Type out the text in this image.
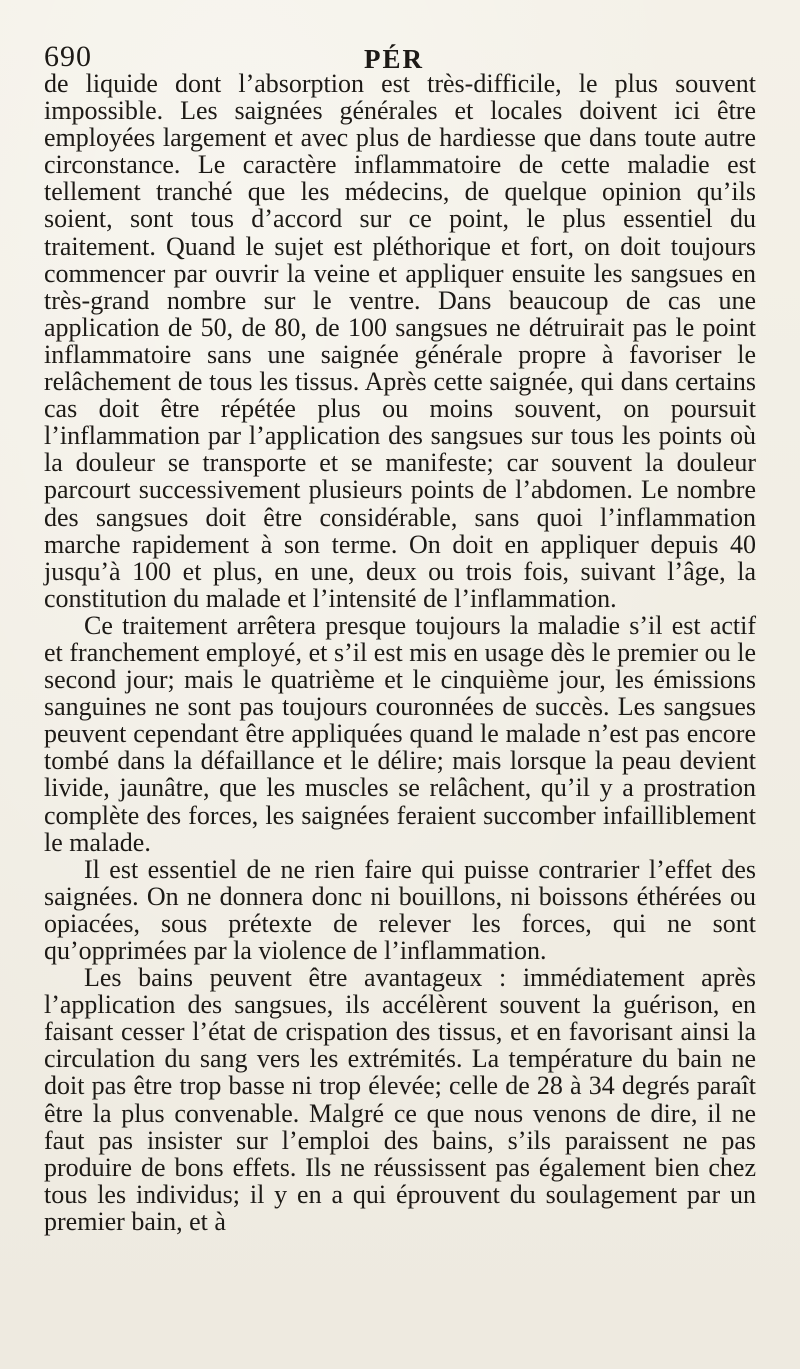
690	PÉR

de liquide dont l’absorption est très-difficile, le plus souvent impossible. Les saignées générales et locales doivent ici être employées largement et avec plus de hardiesse que dans toute autre circonstance. Le caractère inflammatoire de cette maladie est tellement tranché que les médecins, de quelque opinion qu’ils soient, sont tous d’accord sur ce point, le plus essentiel du traitement. Quand le sujet est pléthorique et fort, on doit toujours commencer par ouvrir la veine et appliquer ensuite les sangsues en très-grand nombre sur le ventre. Dans beaucoup de cas une application de 50, de 80, de 100 sangsues ne détruirait pas le point inflammatoire sans une saignée générale propre à favoriser le relâchement de tous les tissus. Après cette saignée, qui dans certains cas doit être répétée plus ou moins souvent, on poursuit l’inflammation par l’application des sangsues sur tous les points où la douleur se transporte et se manifeste; car souvent la douleur parcourt successivement plusieurs points de l’abdomen. Le nombre des sangsues doit être considérable, sans quoi l’inflammation marche rapidement à son terme. On doit en appliquer depuis 40 jusqu’à 100 et plus, en une, deux ou trois fois, suivant l’âge, la constitution du malade et l’intensité de l’inflammation.

Ce traitement arrêtera presque toujours la maladie s’il est actif et franchement employé, et s’il est mis en usage dès le premier ou le second jour; mais le quatrième et le cinquième jour, les émissions sanguines ne sont pas toujours couronnées de succès. Les sangsues peuvent cependant être appliquées quand le malade n’est pas encore tombé dans la défaillance et le délire; mais lorsque la peau devient livide, jaunâtre, que les muscles se relâchent, qu’il y a prostration complète des forces, les saignées feraient succomber infailliblement le malade.

Il est essentiel de ne rien faire qui puisse contrarier l’effet des saignées. On ne donnera donc ni bouillons, ni boissons éthérées ou opiacées, sous prétexte de relever les forces, qui ne sont qu’opprimées par la violence de l’inflammation.

Les bains peuvent être avantageux : immédiatement après l’application des sangsues, ils accélèrent souvent la guérison, en faisant cesser l’état de crispation des tissus, et en favorisant ainsi la circulation du sang vers les extrémités. La température du bain ne doit pas être trop basse ni trop élevée; celle de 28 à 34 degrés paraît être la plus convenable. Malgré ce que nous venons de dire, il ne faut pas insister sur l’emploi des bains, s’ils paraissent ne pas produire de bons effets. Ils ne réussissent pas également bien chez tous les individus; il y en a qui éprouvent du soulagement par un premier bain, et à
